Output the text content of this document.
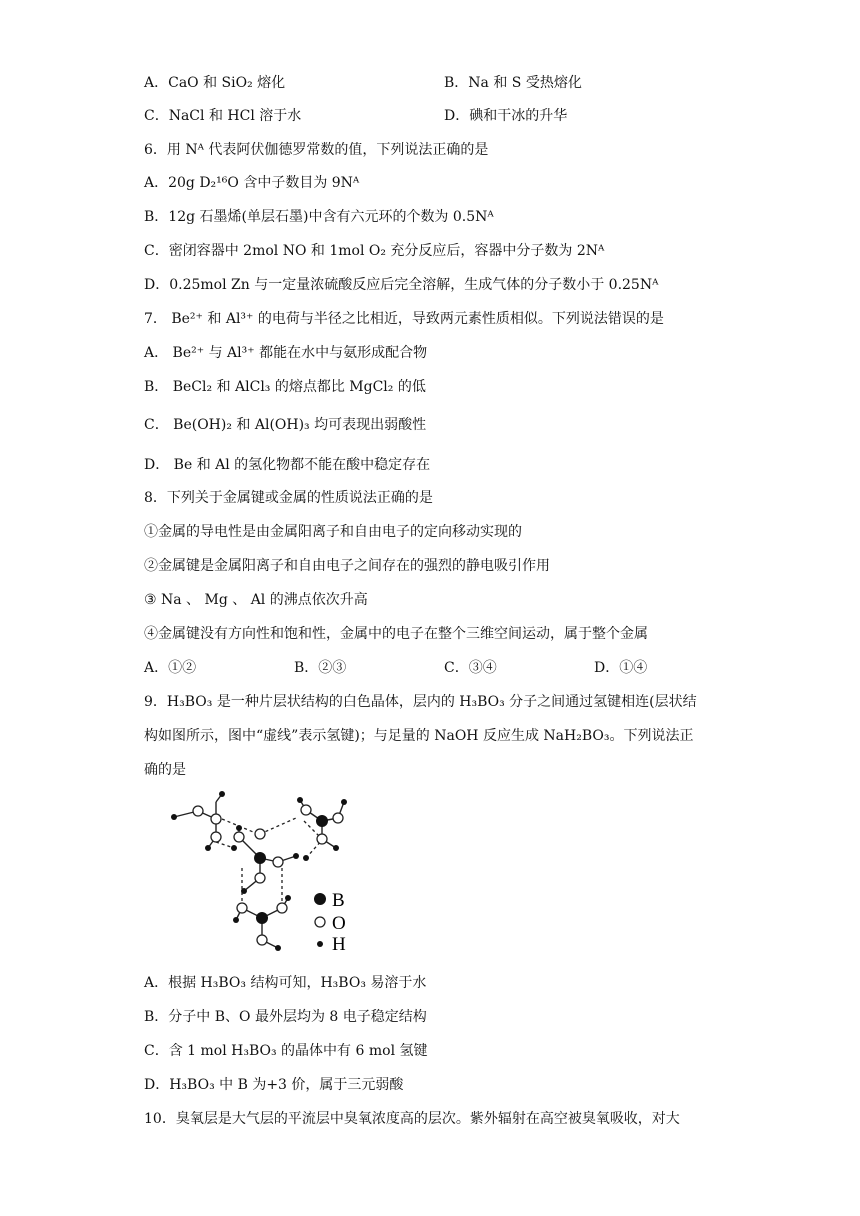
A．CaO 和 SiO₂ 熔化	B．Na 和 S 受热熔化
C．NaCl 和 HCl 溶于水	D．碘和干冰的升华
6．用 Nᴬ 代表阿伏伽德罗常数的值，下列说法正确的是
A．20g D₂¹⁶O 含中子数目为 9Nᴬ
B．12g 石墨烯(单层石墨)中含有六元环的个数为 0.5Nᴬ
C．密闭容器中 2mol NO 和 1mol O₂ 充分反应后，容器中分子数为 2Nᴬ
D．0.25mol Zn 与一定量浓硫酸反应后完全溶解，生成气体的分子数小于 0.25Nᴬ
7． Be²⁺ 和 Al³⁺ 的电荷与半径之比相近，导致两元素性质相似。下列说法错误的是
A． Be²⁺ 与 Al³⁺ 都能在水中与氨形成配合物
B． BeCl₂ 和 AlCl₃ 的熔点都比 MgCl₂ 的低
C． Be(OH)₂ 和 Al(OH)₃ 均可表现出弱酸性
D． Be 和 Al 的氢化物都不能在酸中稳定存在
8．下列关于金属键或金属的性质说法正确的是
①金属的导电性是由金属阳离子和自由电子的定向移动实现的
②金属键是金属阳离子和自由电子之间存在的强烈的静电吸引作用
③ Na 、 Mg 、 Al 的沸点依次升高
④金属键没有方向性和饱和性，金属中的电子在整个三维空间运动，属于整个金属
A．①②	B．②③	C．③④	D．①④
9．H₃BO₃ 是一种片层状结构的白色晶体，层内的 H₃BO₃ 分子之间通过氢键相连(层状结
构如图所示，图中“虚线”表示氢键)；与足量的 NaOH 反应生成 NaH₂BO₃。下列说法正
确的是
B
O
H
A．根据 H₃BO₃ 结构可知，H₃BO₃ 易溶于水
B．分子中 B、O 最外层均为 8 电子稳定结构
C．含 1 mol H₃BO₃ 的晶体中有 6 mol 氢键
D．H₃BO₃ 中 B 为+3 价，属于三元弱酸
10．臭氧层是大气层的平流层中臭氧浓度高的层次。紫外辐射在高空被臭氧吸收，对大
